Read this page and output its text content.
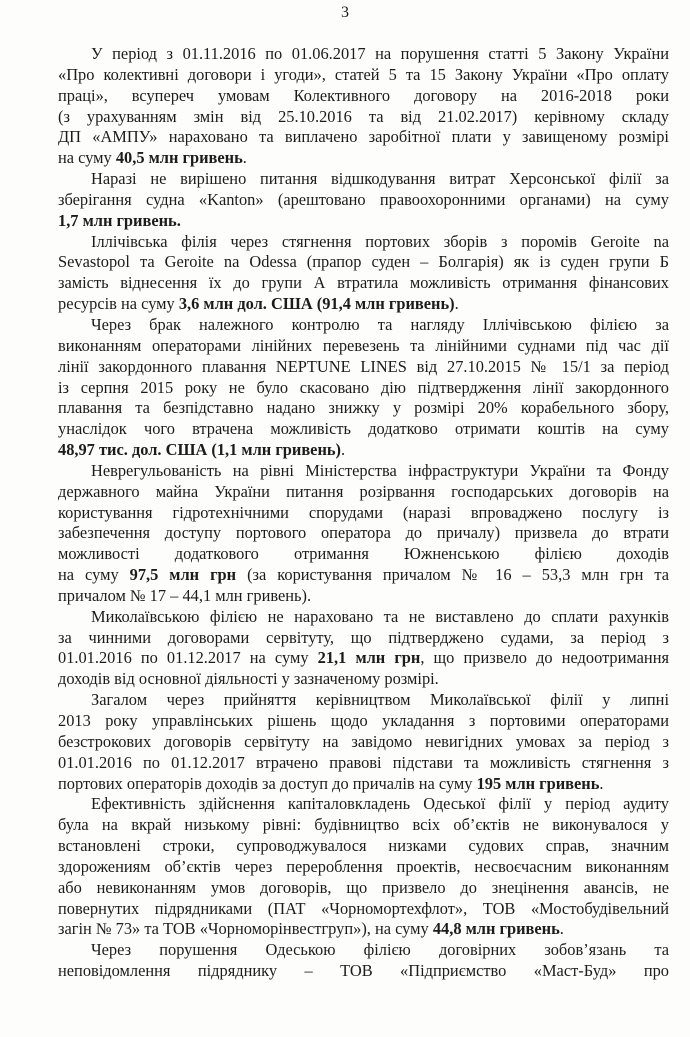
3
У період з 01.11.2016 по 01.06.2017 на порушення статті 5 Закону України
«Про колективні договори і угоди», статей 5 та 15 Закону України «Про оплату
праці», всупереч умовам Колективного договору на 2016-2018 роки
(з урахуванням змін від 25.10.2016 та від 21.02.2017) керівному складу
ДП «АМПУ» нараховано та виплачено заробітної плати у завищеному розмірі
на суму 40,5 млн гривень.
Наразі не вирішено питання відшкодування витрат Херсонської філії за
зберігання судна «Kanton» (арештовано правоохоронними органами) на суму
1,7 млн гривень.
Іллічівська філія через стягнення портових зборів з поромів Geroite na
Sevastopol та Geroite na Odessa (прапор суден – Болгарія) як із суден групи Б
замість віднесення їх до групи А втратила можливість отримання фінансових
ресурсів на суму 3,6 млн дол. США (91,4 млн гривень).
Через брак належного контролю та нагляду Іллічівською філією за
виконанням операторами лінійних перевезень та лінійними суднами під час дії
лінії закордонного плавання NEPTUNE LINES від 27.10.2015 № 15/1 за період
із серпня 2015 року не було скасовано дію підтвердження лінії закордонного
плавання та безпідставно надано знижку у розмірі 20% корабельного збору,
унаслідок чого втрачена можливість додатково отримати коштів на суму
48,97 тис. дол. США (1,1 млн гривень).
Неврегульованість на рівні Міністерства інфраструктури України та Фонду
державного майна України питання розірвання господарських договорів на
користування гідротехнічними спорудами (наразі впроваджено послугу із
забезпечення доступу портового оператора до причалу) призвела до втрати
можливості додаткового отримання Южненською філією доходів
на суму 97,5 млн грн (за користування причалом № 16 – 53,3 млн грн та
причалом № 17 – 44,1 млн гривень).
Миколаївською філією не нараховано та не виставлено до сплати рахунків
за чинними договорами сервітуту, що підтверджено судами, за період з
01.01.2016 по 01.12.2017 на суму 21,1 млн грн, що призвело до недоотримання
доходів від основної діяльності у зазначеному розмірі.
Загалом через прийняття керівництвом Миколаївської філії у липні
2013 року управлінських рішень щодо укладання з портовими операторами
безстрокових договорів сервітуту на завідомо невигідних умовах за період з
01.01.2016 по 01.12.2017 втрачено правові підстави та можливість стягнення з
портових операторів доходів за доступ до причалів на суму 195 млн гривень.
Ефективність здійснення капіталовкладень Одеської філії у період аудиту
була на вкрай низькому рівні: будівництво всіх об’єктів не виконувалося у
встановлені строки, супроводжувалося низками судових справ, значним
здорожениям об’єктів через перероблення проектів, несвоєчасним виконанням
або невиконанням умов договорів, що призвело до знецінення авансів, не
повернутих підрядниками (ПАТ «Чорномортехфлот», ТОВ «Мостобудівельний
загін № 73» та ТОВ «Чорноморінвестгруп»), на суму 44,8 млн гривень.
Через порушення Одеською філією договірних зобов’язань та
неповідомлення підряднику – ТОВ «Підприємство «Маст-Буд» про
